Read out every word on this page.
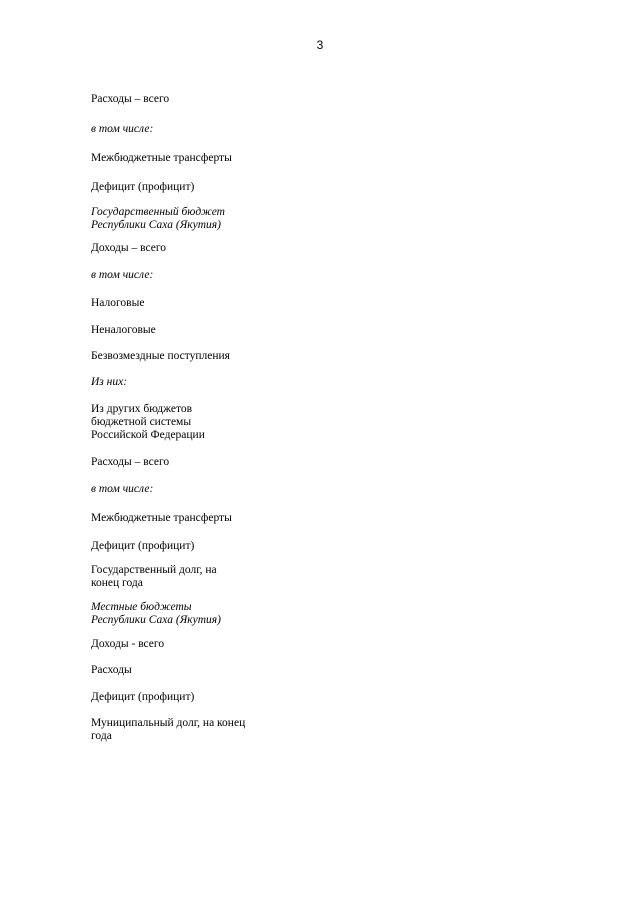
3

Расходы – всего

в том числе:

Межбюджетные трансферты

Дефицит (профицит)

Государственный бюджет
Республики Саха (Якутия)

Доходы – всего

в том числе:

Налоговые

Неналоговые

Безвозмездные поступления

Из них:

Из других бюджетов
бюджетной системы
Российской Федерации

Расходы – всего

в том числе:

Межбюджетные трансферты

Дефицит (профицит)

Государственный долг, на
конец года

Местные бюджеты
Республики Саха (Якутия)

Доходы - всего

Расходы

Дефицит (профицит)

Муниципальный долг, на конец
года
